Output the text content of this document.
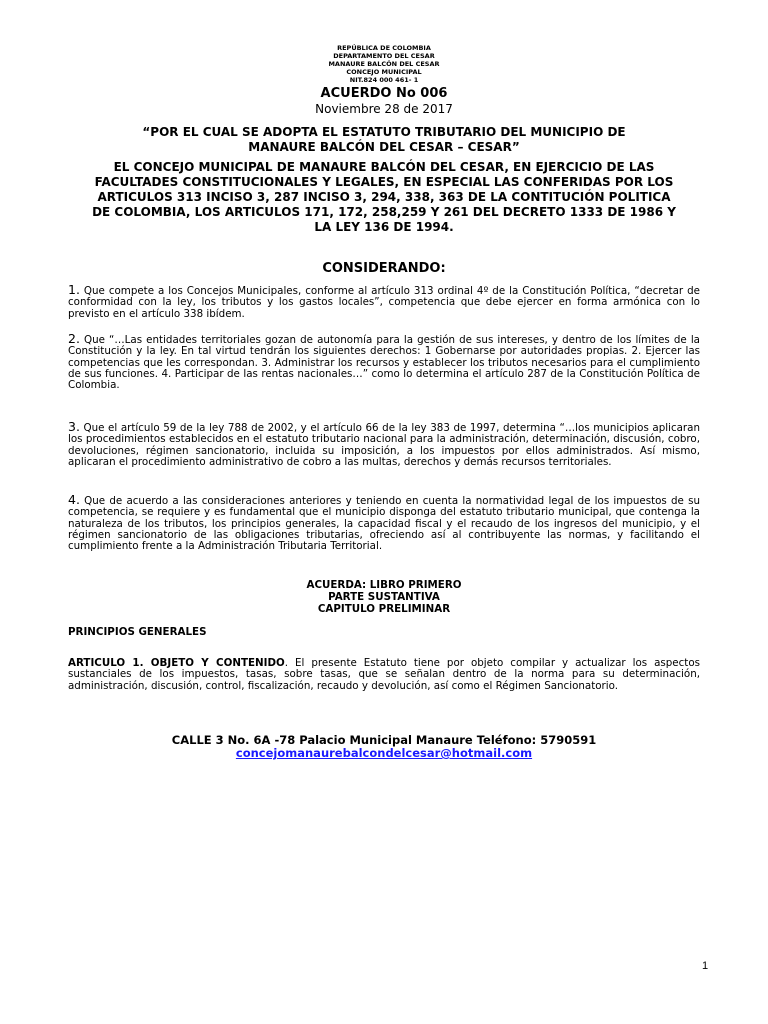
REPÚBLICA DE COLOMBIA
DEPARTAMENTO DEL CESAR
MANAURE BALCÓN DEL CESAR
CONCEJO MUNICIPAL
NIT.824 000 461- 1
ACUERDO No 006
Noviembre 28 de 2017
“POR EL CUAL SE ADOPTA EL ESTATUTO TRIBUTARIO DEL MUNICIPIO DE
MANAURE BALCÓN DEL CESAR – CESAR”
EL CONCEJO MUNICIPAL DE MANAURE BALCÓN DEL CESAR, EN EJERCICIO DE LAS
FACULTADES CONSTITUCIONALES Y LEGALES, EN ESPECIAL LAS CONFERIDAS POR LOS
ARTICULOS 313 INCISO 3, 287 INCISO 3, 294, 338, 363 DE LA CONTITUCIÓN POLITICA
DE COLOMBIA, LOS ARTICULOS 171, 172, 258,259 Y 261 DEL DECRETO 1333 DE 1986 Y
LA LEY 136 DE 1994.
CONSIDERANDO:
1. Que compete a los Concejos Municipales, conforme al artículo 313 ordinal 4º de la Constitución Política, “decretar de conformidad con la ley, los tributos y los gastos locales”, competencia que debe ejercer en forma armónica con lo previsto en el artículo 338 ibídem.
2. Que “…Las entidades territoriales gozan de autonomía para la gestión de sus intereses, y dentro de los límites de la Constitución y la ley. En tal virtud tendrán los siguientes derechos: 1 Gobernarse por autoridades propias. 2. Ejercer las competencias que les correspondan. 3. Administrar los recursos y establecer los tributos necesarios para el cumplimiento de sus funciones. 4. Participar de las rentas nacionales…” como lo determina el artículo 287 de la Constitución Política de Colombia.
3. Que el artículo 59 de la ley 788 de 2002, y el artículo 66 de la ley 383 de 1997, determina “…los municipios aplicaran los procedimientos establecidos en el estatuto tributario nacional para la administración, determinación, discusión, cobro, devoluciones, régimen sancionatorio, incluida su imposición, a los impuestos por ellos administrados. Así mismo, aplicaran el procedimiento administrativo de cobro a las multas, derechos y demás recursos territoriales.
4. Que de acuerdo a las consideraciones anteriores y teniendo en cuenta la normatividad legal de los impuestos de su competencia, se requiere y es fundamental que el municipio disponga del estatuto tributario municipal, que contenga la naturaleza de los tributos, los principios generales, la capacidad fiscal y el recaudo de los ingresos del municipio, y el régimen sancionatorio de las obligaciones tributarias, ofreciendo así al contribuyente las normas, y facilitando el cumplimiento frente a la Administración Tributaria Territorial.
ACUERDA: LIBRO PRIMERO
PARTE SUSTANTIVA
CAPITULO PRELIMINAR
PRINCIPIOS GENERALES
ARTICULO 1. OBJETO Y CONTENIDO. El presente Estatuto tiene por objeto compilar y actualizar los aspectos sustanciales de los impuestos, tasas, sobre tasas, que se señalan dentro de la norma para su determinación, administración, discusión, control, fiscalización, recaudo y devolución, así como el Régimen Sancionatorio.
CALLE 3 No. 6A -78 Palacio Municipal Manaure Teléfono: 5790591
concejomanaurebalcondelcesar@hotmail.com
1
